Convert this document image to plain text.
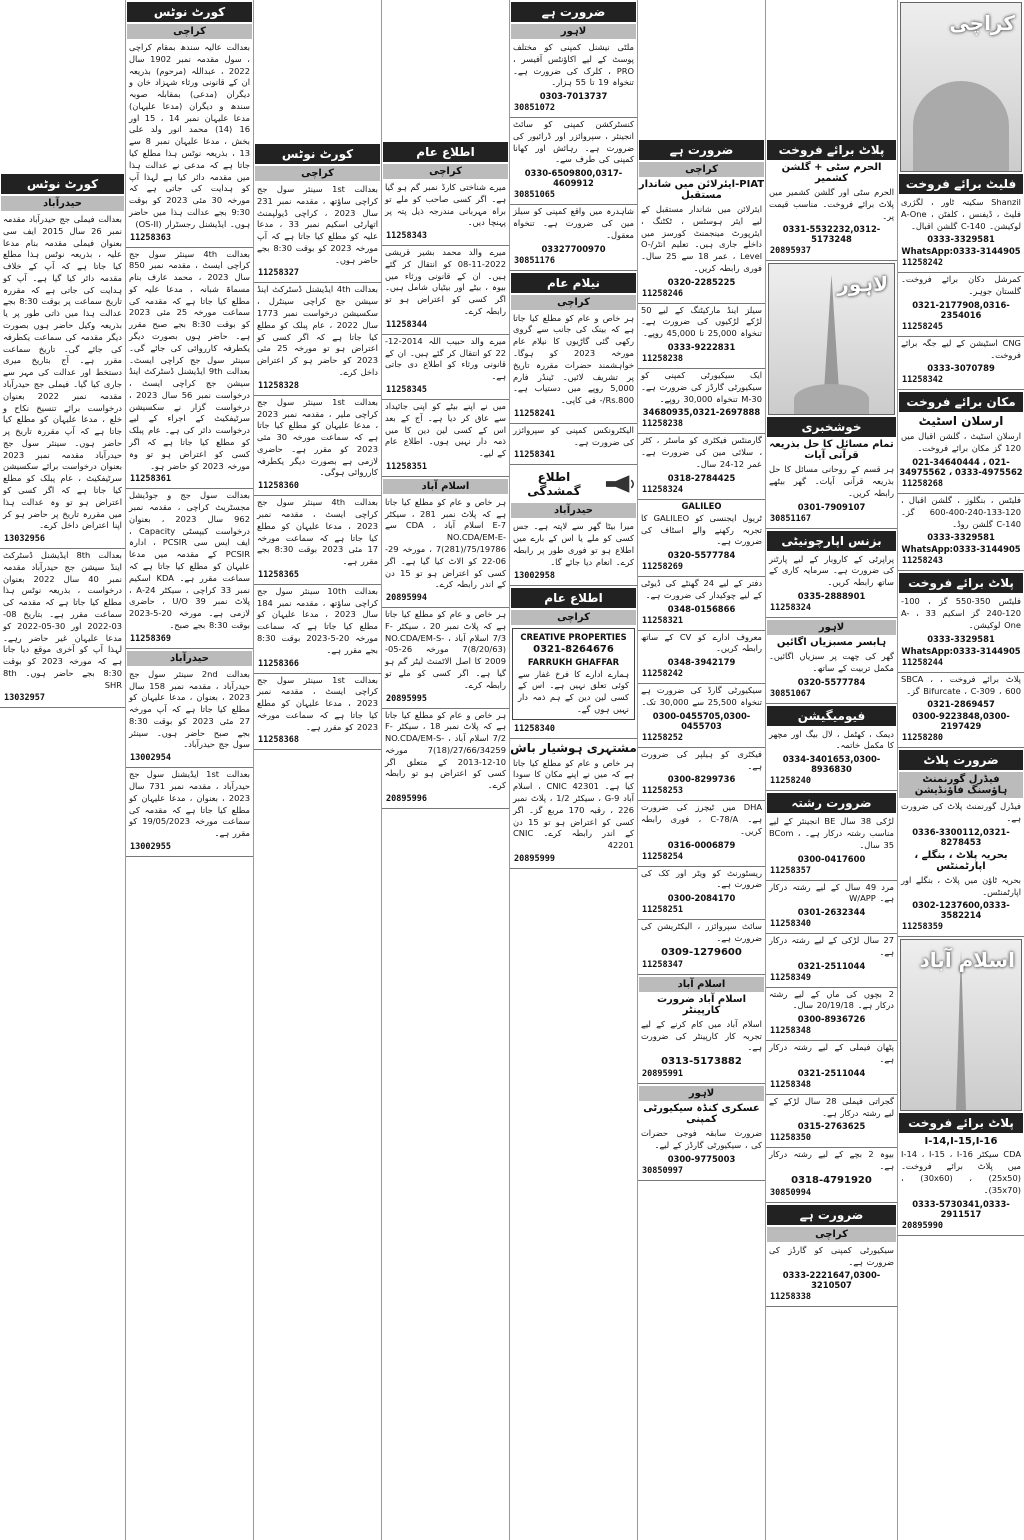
کورٹ نوٹس
حیدرآباد
بعدالت فیملی جج حیدرآباد مقدمہ نمبر 26 سال 2015 ایف سی بعنوان فیملی مقدمہ بنام مدعا علیہ ، بذریعہ نوٹس ہذا مطلع کیا جاتا ہے کہ آپ کے خلاف مقدمہ دائر کیا گیا ہے۔ آپ کو ہدایت کی جاتی ہے کہ مقررہ تاریخ سماعت پر بوقت 8:30 بجے عدالت ہذا میں ذاتی طور پر یا بذریعہ وکیل حاضر ہوں بصورت دیگر مقدمہ کی سماعت یکطرفہ کی جائے گی۔ تاریخ سماعت مقرر ہے۔ آج بتاریخ میری دستخط اور عدالت کی مہر سے جاری کیا گیا۔ فیملی جج حیدرآباد مقدمہ نمبر 2022 بعنوان درخواست برائے تنسیخ نکاح و خلع ، مدعا علیہان کو مطلع کیا جاتا ہے کہ آپ مقررہ تاریخ پر حاضر ہوں۔ سینئر سول جج حیدرآباد مقدمہ نمبر 2023 بعنوان درخواست برائے سکسیشن سرٹیفکیٹ ، عام پبلک کو مطلع کیا جاتا ہے کہ اگر کسی کو اعتراض ہو تو وہ عدالت ہذا میں مقررہ تاریخ پر حاضر ہو کر اپنا اعتراض داخل کرے۔
13032956
بعدالت 8th ایڈیشنل ڈسٹرکٹ اینڈ سیشن جج حیدرآباد مقدمہ نمبر 40 سال 2022 بعنوان درخواست ، بذریعہ نوٹس ہذا مطلع کیا جاتا ہے کہ مقدمہ کی سماعت مقرر ہے۔ بتاریخ 08-03-2022 اور 30-05-2022 کو مدعا علیہان غیر حاضر رہے۔ لہذا آپ کو آخری موقع دیا جاتا ہے کہ مورخہ 2023 کو بوقت 8:30 بجے حاضر ہوں۔ 8th SHR
13032957
کورٹ نوٹس
کراچی
بعدالت عالیہ سندھ بمقام کراچی ، سول مقدمہ نمبر 1902 سال 2022 ، عبداللہ (مرحوم) بذریعہ ان کے قانونی ورثاء شہزاد خان و دیگران (مدعی) بمقابلہ صوبہ سندھ و دیگران (مدعا علیہان) مدعا علیہان نمبر 14 ، 15 اور 16 (14) محمد انور ولد علی بخش ، مدعا علیہان نمبر 8 سے 13 ، بذریعہ نوٹس ہذا مطلع کیا جاتا ہے کہ مدعی نے عدالت ہذا میں مقدمہ دائر کیا ہے لہذا آپ کو ہدایت کی جاتی ہے کہ مورخہ 30 مئی 2023 کو بوقت 9:30 بجے عدالت ہذا میں حاضر ہوں۔ ایڈیشنل رجسٹرار (OS-II)
11258363
بعدالت 4th سینئر سول جج کراچی ایسٹ ، مقدمہ نمبر 850 سال 2023 ، محمد عارف بنام مسماۃ شبانہ ، مدعا علیہ کو مطلع کیا جاتا ہے کہ مقدمہ کی سماعت مورخہ 25 مئی 2023 کو بوقت 8:30 بجے صبح مقرر ہے۔ حاضر ہوں بصورت دیگر یکطرفہ کارروائی کی جائے گی۔ سینئر سول جج کراچی ایسٹ۔ بعدالت 9th ایڈیشنل ڈسٹرکٹ اینڈ سیشن جج کراچی ایسٹ ، درخواست نمبر 56 سال 2023 ، درخواست گزار نے سکسیشن سرٹیفکیٹ کے اجراء کے لیے درخواست دائر کی ہے۔ عام پبلک کو مطلع کیا جاتا ہے کہ اگر کسی کو اعتراض ہو تو وہ مورخہ 2023 کو حاضر ہو۔
11258361
بعدالت سول جج و جوڈیشل مجسٹریٹ کراچی ، مقدمہ نمبر 962 سال 2023 ، بعنوان درخواست کیپسٹی Capacity ، ایف ایس سی PCSIR ، ادارہ PCSIR کے مقدمہ میں مدعا علیہان کو مطلع کیا جاتا ہے کہ سماعت مقرر ہے۔ KDA اسکیم نمبر 33 کراچی ، سیکٹر 24-A ، پلاٹ نمبر U/O 39 ، حاضری لازمی ہے۔ مورخہ 20-5-2023 بوقت 8:30 بجے صبح۔
11258369
حیدرآباد
بعدالت 2nd سینئر سول جج حیدرآباد ، مقدمہ نمبر 158 سال 2023 ، بعنوان ، مدعا علیہان کو مطلع کیا جاتا ہے کہ آپ مورخہ 27 مئی 2023 کو بوقت 8:30 بجے صبح حاضر ہوں۔ سینئر سول جج حیدرآباد۔
13002954
بعدالت 1st ایڈیشنل سول جج حیدرآباد ، مقدمہ نمبر 731 سال 2023 ، بعنوان ، مدعا علیہان کو مطلع کیا جاتا ہے کہ مقدمہ کی سماعت مورخہ 19/05/2023 کو مقرر ہے۔
13002955
کورٹ نوٹس
کراچی
بعدالت 1st سینئر سول جج کراچی ساؤتھ ، مقدمہ نمبر 231 سال 2023 ، کراچی ڈیولپمنٹ اتھارٹی اسکیم نمبر 33 ، مدعا علیہ کو مطلع کیا جاتا ہے کہ آپ مورخہ 2023 کو بوقت 8:30 بجے حاضر ہوں۔
11258327
بعدالت 4th ایڈیشنل ڈسٹرکٹ اینڈ سیشن جج کراچی سینٹرل ، سکسیشن درخواست نمبر 1773 سال 2022 ، عام پبلک کو مطلع کیا جاتا ہے کہ اگر کسی کو اعتراض ہو تو مورخہ 25 مئی 2023 کو حاضر ہو کر اعتراض داخل کرے۔
11258328
بعدالت 1st سینئر سول جج کراچی ملیر ، مقدمہ نمبر 2023 ، مدعا علیہان کو مطلع کیا جاتا ہے کہ سماعت مورخہ 30 مئی 2023 کو مقرر ہے۔ حاضری لازمی ہے بصورت دیگر یکطرفہ کارروائی ہوگی۔
11258360
بعدالت 4th سینئر سول جج کراچی ایسٹ ، مقدمہ نمبر 2023 ، مدعا علیہان کو مطلع کیا جاتا ہے کہ سماعت مورخہ 17 مئی 2023 بوقت 8:30 بجے مقرر ہے۔
11258365
بعدالت 10th سینئر سول جج کراچی ساؤتھ ، مقدمہ نمبر 184 سال 2023 ، مدعا علیہان کو مطلع کیا جاتا ہے کہ سماعت مورخہ 20-5-2023 بوقت 8:30 بجے مقرر ہے۔
11258366
بعدالت 1st سینئر سول جج کراچی ایسٹ ، مقدمہ نمبر 2023 ، مدعا علیہان کو مطلع کیا جاتا ہے کہ سماعت مورخہ 2023 کو مقرر ہے۔
11258368
اطلاع عام
کراچی
میرے شناختی کارڈ نمبر گم ہو گیا ہے۔ اگر کسی صاحب کو ملے تو براہ مہربانی مندرجہ ذیل پتہ پر پہنچا دیں۔
11258343
میرے والد محمد بشیر قریشی 2022-11-08 کو انتقال کر گئے ہیں۔ ان کے قانونی ورثاء میں بیوہ ، بیٹے اور بیٹیاں شامل ہیں۔ اگر کسی کو اعتراض ہو تو رابطہ کرے۔
11258344
میرے والد حبیب اللہ 2014-12-22 کو انتقال کر گئے ہیں۔ ان کے قانونی ورثاء کو اطلاع دی جاتی ہے۔
11258345
میں نے اپنے بیٹے کو اپنی جائیداد سے عاق کر دیا ہے۔ آج کے بعد اس کے کسی لین دین کا میں ذمہ دار نہیں ہوں۔ اطلاع عام کے لیے۔
11258351
اسلام آباد
ہر خاص و عام کو مطلع کیا جاتا ہے کہ پلاٹ نمبر 281 ، سیکٹر E-7 اسلام آباد ، CDA سے NO.CDA/EM-E-7(281)/75/19786 ، مورخہ 29-06-22 کو الاٹ کیا گیا ہے۔ اگر کسی کو اعتراض ہو تو 15 دن کے اندر رابطہ کرے۔
20895994
ہر خاص و عام کو مطلع کیا جاتا ہے کہ پلاٹ نمبر 20 ، سیکٹر F-7/3 اسلام آباد ، NO.CDA/EM-S-7(8/20/63) مورخہ 26-05-2009 کا اصل الاٹمنٹ لیٹر گم ہو گیا ہے۔ اگر کسی کو ملے تو رابطہ کرے۔
20895995
ہر خاص و عام کو مطلع کیا جاتا ہے کہ پلاٹ نمبر 18 ، سیکٹر F-7/2 اسلام آباد ، NO.CDA/EM-S-7(18)/27/66/34259 مورخہ 10-12-2013 کے متعلق اگر کسی کو اعتراض ہو تو رابطہ کرے۔
20895996
ضرورت ہے
لاہور
ملٹی نیشنل کمپنی کو مختلف پوسٹ کے لیے اکاؤنٹس آفیسر ، PRO ، کلرک کی ضرورت ہے۔ تنخواہ 19 تا 55 ہزار۔
0303-7013737
30851072
کنسٹرکشن کمپنی کو سائٹ انجینئر ، سپروائزر اور ڈرائیور کی ضرورت ہے۔ رہائش اور کھانا کمپنی کی طرف سے۔
0330-6509800,0317-4609912
30851065
شاہدرہ میں واقع کمپنی کو سیلز مین کی ضرورت ہے۔ تنخواہ معقول۔
03327700970
30851176
نیلام عام
کراچی
ہر خاص و عام کو مطلع کیا جاتا ہے کہ بینک کی جانب سے گروی رکھی گئی گاڑیوں کا نیلام عام مورخہ 2023 کو ہوگا۔ خواہشمند حضرات مقررہ تاریخ پر تشریف لائیں۔ ٹینڈر فارم 5,000 روپے میں دستیاب ہے۔ Rs.800/- فی کاپی۔
11258241
الیکٹرونکس کمپنی کو سپروائزر کی ضرورت ہے۔
11258341
اطلاع گمشدگی
حیدرآباد
میرا بیٹا گھر سے لاپتہ ہے۔ جس کسی کو ملے یا اس کے بارے میں اطلاع ہو تو فوری طور پر رابطہ کرے۔ انعام دیا جائے گا۔
13002958
اطلاع عام
کراچی
CREATIVE PROPERTIES
0321-8264676
FARRUKH GHAFFAR
ہمارے ادارے کا فرخ غفار سے کوئی تعلق نہیں ہے۔ اس کے کسی لین دین کے ہم ذمہ دار نہیں ہوں گے۔
11258340
مشتہری ہوشیار باش
ہر خاص و عام کو مطلع کیا جاتا ہے کہ میں نے اپنے مکان کا سودا کیا ہے۔ CNIC 42301 ، اسلام آباد G-9 ، سیکٹر 1/2 ، پلاٹ نمبر 226 ، رقبہ 170 مربع گز۔ اگر کسی کو اعتراض ہو تو 15 دن کے اندر رابطہ کرے۔ CNIC 42201
20895999
ضرورت ہے
کراچی
PIAT-ایئرلائن میں شاندار مستقبل
ایئرلائن میں شاندار مستقبل کے لیے ایئر ہوسٹس ، ٹکٹنگ ، ایئرپورٹ مینجمنٹ کورسز میں داخلے جاری ہیں۔ تعلیم انٹر/O-Level ، عمر 18 سے 25 سال۔ فوری رابطہ کریں۔
0320-2285225
11258246
سیلز اینڈ مارکیٹنگ کے لیے 50 لڑکے لڑکیوں کی ضرورت ہے۔ تنخواہ 25,000 تا 45,000 روپے۔
0333-9222831
11258238
ایک سیکیورٹی کمپنی کو سیکیورٹی گارڈز کی ضرورت ہے۔ M-30 تنخواہ 30,000 روپے۔
34680935,0321-2697888
11258238
گارمنٹس فیکٹری کو ماسٹر ، کٹر ، سلائی مین کی ضرورت ہے۔ عمر 12-24 سال۔
0318-2784425
11258324
GALILEO
ٹریول ایجنسی کو GALILEO کا تجربہ رکھنے والے اسٹاف کی ضرورت ہے۔
0320-5577784
11258269
دفتر کے لیے 24 گھنٹے کی ڈیوٹی کے لیے چوکیدار کی ضرورت ہے۔
0348-0156866
11258321
معروف ادارے کو CV کے ساتھ رابطہ کریں۔
0348-3942179
11258242
سیکیورٹی گارڈ کی ضرورت ہے تنخواہ 25,500 سے 30,000 تک۔
0300-0455705,0300-0455703
11258252
فیکٹری کو ہیلپر کی ضرورت ہے۔
0300-8299736
11258253
DHA میں ٹیچرز کی ضرورت ہے۔ C-78/A ، فوری رابطہ کریں۔
0316-0006879
11258254
ریسٹورنٹ کو ویٹر اور کک کی ضرورت ہے۔
0300-2084170
11258251
سائٹ سپروائزر ، الیکٹریشن کی ضرورت ہے۔
0309-1279600
11258347
اسلام آباد
اسلام آباد ضرورت کارپینٹر
اسلام آباد میں کام کرنے کے لیے تجربہ کار کارپینٹر کی ضرورت ہے۔
0313-5173882
20895991
لاہور
عسکری کنڈہ سیکیورٹی کمپنی
ضرورت سابقہ فوجی حضرات کی ، سیکیورٹی گارڈز کے لیے۔
0300-9775003
30850997
پلاٹ برائے فروخت
الحرم سٹی + گلشن کشمیر
الحرم سٹی اور گلشن کشمیر میں پلاٹ برائے فروخت۔ مناسب قیمت پر۔
0331-5532232,0312-5173248
20895937
لاہور
خوشخبری
تمام مسائل کا حل بذریعہ قرآنی آیات
ہر قسم کے روحانی مسائل کا حل بذریعہ قرآنی آیات۔ گھر بیٹھے رابطہ کریں۔
0301-7909107
30851167
بزنس اپارچونیٹی
پراپرٹی کے کاروبار کے لیے پارٹنر کی ضرورت ہے۔ سرمایہ کاری کے ساتھ رابطہ کریں۔
0335-2888901
11258324
لاہور
ہابسر مسبزیاں اگائیں
گھر کی چھت پر سبزیاں اگائیں۔ مکمل تربیت کے ساتھ۔
0320-5577784
30851067
فیومیگیشن
دیمک ، کھٹمل ، لال بیگ اور مچھر کا مکمل خاتمہ۔
0334-3401653,0300-8936830
11258240
ضرورت رشتہ
لڑکی 38 سال BE انجینئر کے لیے مناسب رشتہ درکار ہے۔ BCom ، 35 سال۔
0300-0417600
11258357
مرد 49 سال کے لیے رشتہ درکار ہے۔ W/APP
0301-2632344
11258340
27 سال لڑکی کے لیے رشتہ درکار ہے۔
0321-2511044
11258349
2 بچوں کی ماں کے لیے رشتہ درکار ہے۔ 20/19/18 سال۔
0300-8936726
11258348
پٹھان فیملی کے لیے رشتہ درکار ہے۔
0321-2511044
11258348
گجراتی فیملی 28 سال لڑکے کے لیے رشتہ درکار ہے۔
0315-2763625
11258350
بیوہ 2 بچے کے لیے رشتہ درکار ہے۔
0318-4791920
30850994
ضرورت ہے
کراچی
سیکیورٹی کمپنی کو گارڈز کی ضرورت ہے۔
0333-2221647,0300-3210507
11258338
کراچی
فلیٹ برائے فروخت
Shanzil سکینہ ٹاور ، لگژری فلیٹ ، ڈیفنس ، کلفٹن ، A-One لوکیشن۔ C-140 گلشن اقبال۔
0333-3329581
WhatsApp:0333-3144905
11258242
کمرشل دکان برائے فروخت۔ گلستان جوہر۔
0321-2177908,0316-2354016
11258245
CNG اسٹیشن کے لیے جگہ برائے فروخت۔
0333-3070789
11258342
مکان برائے فروخت
ارسلان اسٹیٹ
ارسلان اسٹیٹ ، گلشن اقبال میں 120 گز مکان برائے فروخت۔
021-34640444 ، 021-34975562 ، 0333-4975562
11258268
فلیٹس ، بنگلوز ، گلشن اقبال ، 120-133-240-400-600 گز۔ C-140 گلشن روڈ۔
0333-3329581
WhatsApp:0333-3144905
11258243
پلاٹ برائے فروخت
فلیٹس 350-550 گز ، 100-120-240 گز اسکیم 33 ، A-One لوکیشن۔
0333-3329581
WhatsApp:0333-3144905
11258244
پلاٹ برائے فروخت ، SBCA ، Bifurcate ، C-309 ، 600 گز۔
0321-2869457
0300-9223848,0300-2197429
11258280
ضرورت پلاٹ
فیڈرل گورنمنٹ ہاؤسنگ فاؤنڈیشن
فیڈرل گورنمنٹ پلاٹ کی ضرورت ہے۔
0336-3300112,0321-8278453
بحریہ پلاٹ ، بنگلے ، اپارٹمنٹس
بحریہ ٹاؤن میں پلاٹ ، بنگلے اور اپارٹمنٹس۔
0302-1237600,0333-3582214
11258359
اسلام آباد
پلاٹ برائے فروخت
I-14,I-15,I-16
CDA سیکٹر I-14 ، I-15 ، I-16 میں پلاٹ برائے فروخت۔ (25x50) ، (30x60) ، (35x70)۔
0333-5730341,0333-2911517
20895990
